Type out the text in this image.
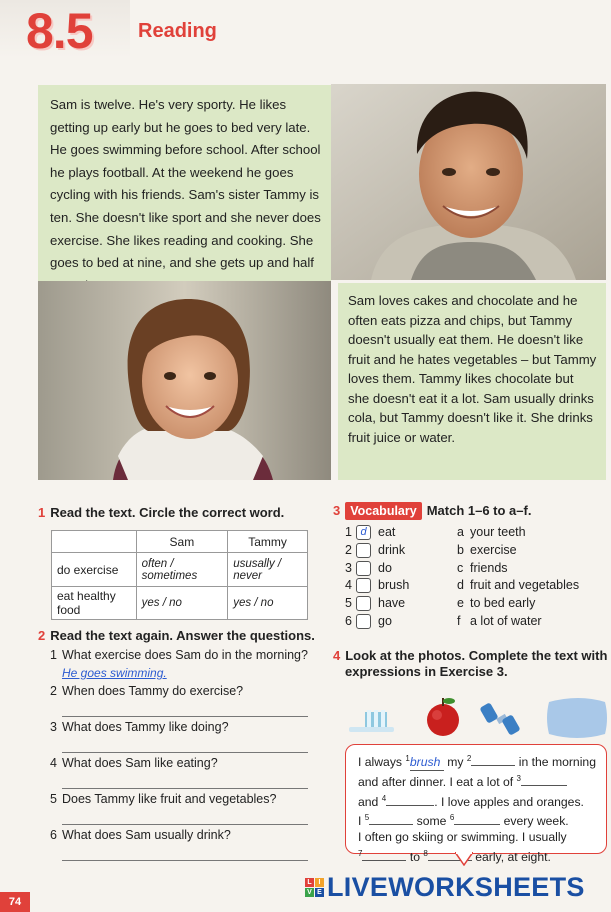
8.5 Reading
Sam is twelve. He's very sporty. He likes getting up early but he goes to bed very late. He goes swimming before school. After school he plays football. At the weekend he goes cycling with his friends. Sam's sister Tammy is ten. She doesn't like sport and she never does exercise. She likes reading and cooking. She goes to bed at nine, and she gets up and half
Sam loves cakes and chocolate and he often eats pizza and chips, but Tammy doesn't usually eat them. He doesn't like fruit and he hates vegetables – but Tammy loves them. Tammy likes chocolate but she doesn't eat it a lot. Sam usually drinks cola, but Tammy doesn't like it. She drinks fruit juice or water.
1 Read the text. Circle the correct word.
	Sam	Tammy
do exercise	often / sometimes	ususally / never
eat healthy food	yes / no	yes / no
2 Read the text again. Answer the questions.
1 What exercise does Sam do in the morning?
He goes swimming.
2 When does Tammy do exercise?
3 What does Tammy like doing?
4 What does Sam like eating?
5 Does Tammy like fruit and vegetables?
6 What does Sam usually drink?
3 Vocabulary Match 1–6 to a–f.
1 d eat	a your teeth
2 drink	b exercise
3 do	c friends
4 brush	d fruit and vegetables
5 have	e to bed early
6 go	f a lot of water
4 Look at the photos. Complete the text with
expressions in Exercise 3.
I always $^1$brush my $^2$	in the morning
and after dinner. I eat a lot of $^3$
and $^4$	. I love apples and oranges.
I $^5$	some $^6$	every week.
I often go skiing or swimming. I usually
$^7$	to $^8$	early, at eight.
74
L I
V E LIVEWORKSHEETS
